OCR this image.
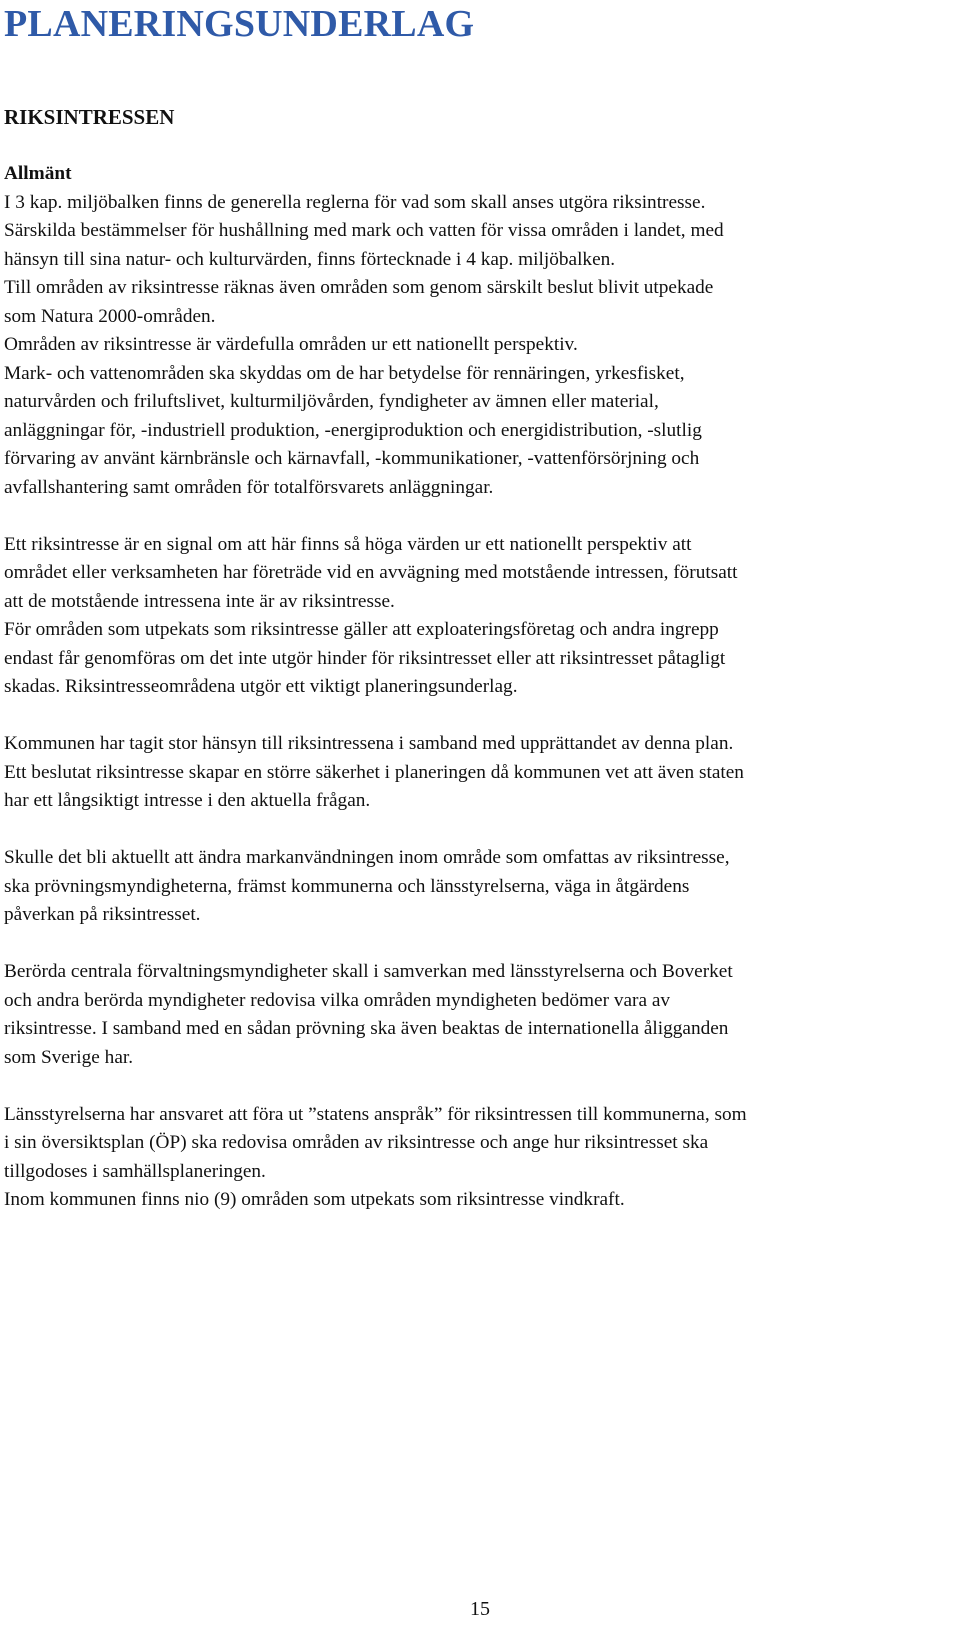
PLANERINGSUNDERLAG
RIKSINTRESSEN

Allmänt

I 3 kap. miljöbalken finns de generella reglerna för vad som skall anses utgöra riksintresse.

Särskilda bestämmelser för hushållning med mark och vatten för vissa områden i landet, med

hänsyn till sina natur- och kulturvärden, finns förtecknade i 4 kap. miljöbalken.

Till områden av riksintresse räknas även områden som genom särskilt beslut blivit utpekade

som Natura 2000-områden.

Områden av riksintresse är värdefulla områden ur ett nationellt perspektiv.

Mark- och vattenområden ska skyddas om de har betydelse för rennäringen, yrkesfisket,

naturvården och friluftslivet, kulturmiljövården, fyndigheter av ämnen eller material,

anläggningar för, -industriell produktion, -energiproduktion och energidistribution, -slutlig

förvaring av använt kärnbränsle och kärnavfall, -kommunikationer, -vattenförsörjning och

avfallshantering samt områden för totalförsvarets anläggningar.

Ett riksintresse är en signal om att här finns så höga värden ur ett nationellt perspektiv att

området eller verksamheten har företräde vid en avvägning med motstående intressen, förutsatt

att de motstående intressena inte är av riksintresse.

För områden som utpekats som riksintresse gäller att exploateringsföretag och andra ingrepp

endast får genomföras om det inte utgör hinder för riksintresset eller att riksintresset påtagligt

skadas. Riksintresseområdena utgör ett viktigt planeringsunderlag.

Kommunen har tagit stor hänsyn till riksintressena i samband med upprättandet av denna plan.

Ett beslutat riksintresse skapar en större säkerhet i planeringen då kommunen vet att även staten

har ett långsiktigt intresse i den aktuella frågan.

Skulle det bli aktuellt att ändra markanvändningen inom område som omfattas av riksintresse,

ska prövningsmyndigheterna, främst kommunerna och länsstyrelserna, väga in åtgärdens

påverkan på riksintresset.

Berörda centrala förvaltningsmyndigheter skall i samverkan med länsstyrelserna och Boverket

och andra berörda myndigheter redovisa vilka områden myndigheten bedömer vara av

riksintresse. I samband med en sådan prövning ska även beaktas de internationella åligganden

som Sverige har.

Länsstyrelserna har ansvaret att föra ut ”statens anspråk” för riksintressen till kommunerna, som

i sin översiktsplan (ÖP) ska redovisa områden av riksintresse och ange hur riksintresset ska

tillgodoses i samhällsplaneringen.

Inom kommunen finns nio (9) områden som utpekats som riksintresse vindkraft.

15
